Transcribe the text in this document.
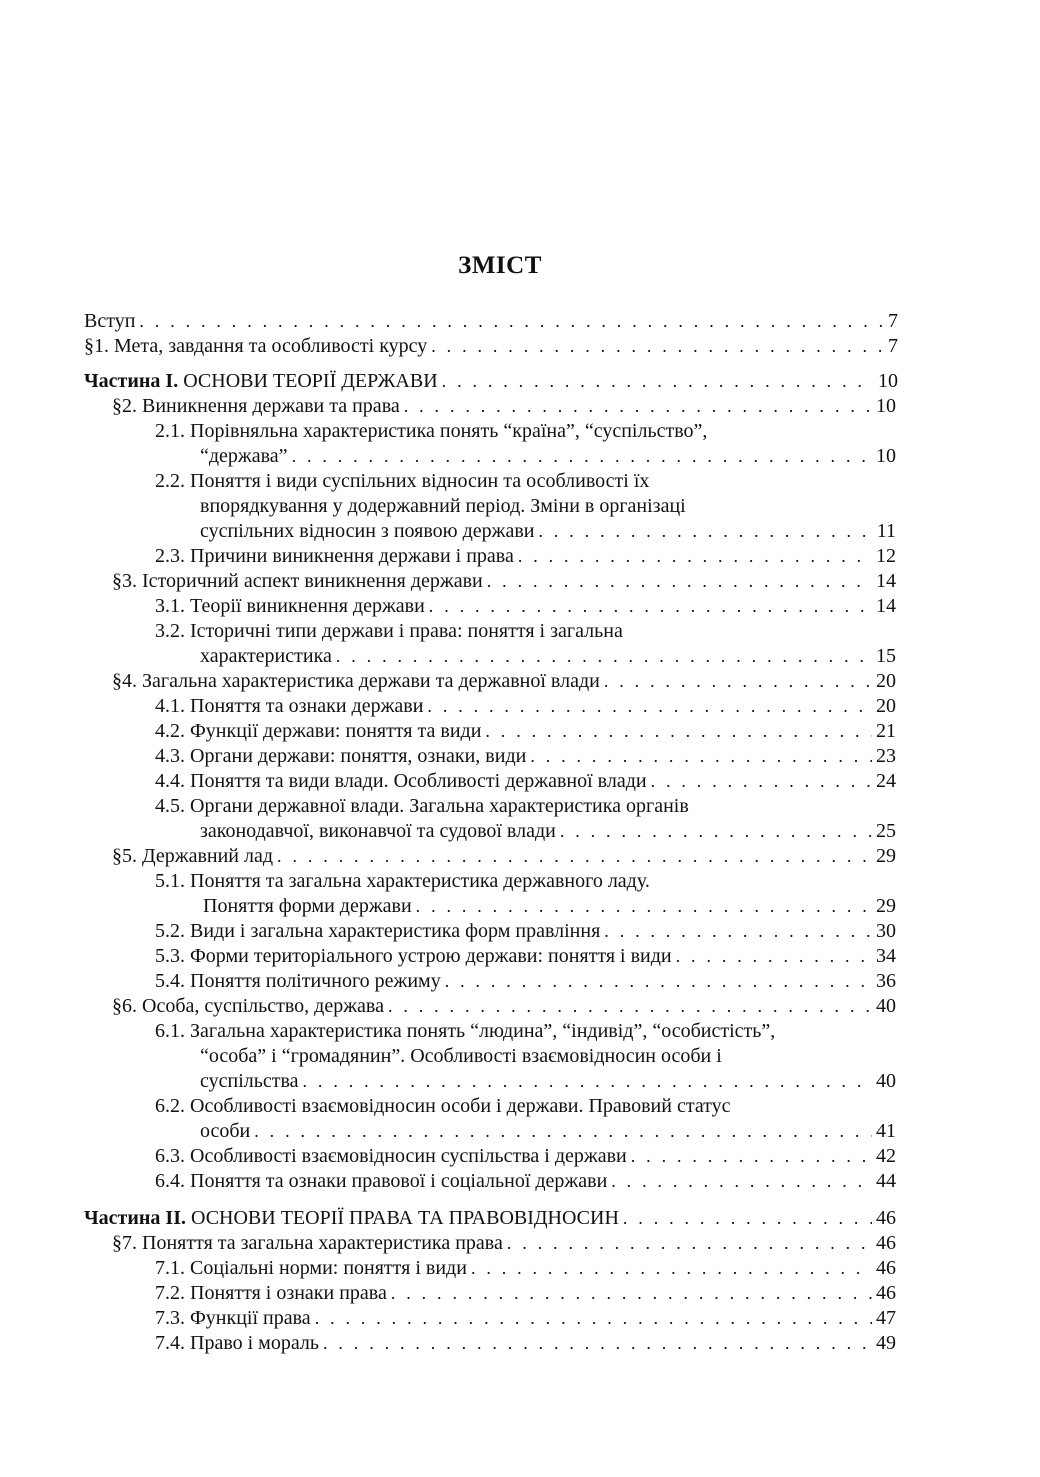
ЗМІСТ
Вступ . . .	7
§1. Мета, завдання та особливості курсу . . .	7
Частина І. ОСНОВИ ТЕОРІЇ ДЕРЖАВИ . . .	10
§2. Виникнення держави та права . . .	10
2.1. Порівняльна характеристика понять “країна”, “суспільство”,
“держава” . . .	10
2.2. Поняття і види суспільних відносин та особливості їх
впорядкування у додержавний період. Зміни в організаці
суспільних відносин з появою держави . . .	11
2.3. Причини виникнення держави і права . . .	12
§3. Історичний аспект виникнення держави . . .	14
3.1. Теорії виникнення держави . . .	14
3.2. Історичні типи держави і права: поняття і загальна
характеристика . . .	15
§4. Загальна характеристика держави та державної влади . . .	20
4.1. Поняття та ознаки держави . . .	20
4.2. Функції держави: поняття та види . . .	21
4.3. Органи держави: поняття, ознаки, види . . .	23
4.4. Поняття та види влади. Особливості державної влади . . .	24
4.5. Органи державної влади. Загальна характеристика органів
законодавчої, виконавчої та судової влади . . .	25
§5. Державний лад . . .	29
5.1. Поняття та загальна характеристика державного ладу.
Поняття форми держави . . .	29
5.2. Види і загальна характеристика форм правління . . .	30
5.3. Форми територіального устрою держави: поняття і види . . .	34
5.4. Поняття політичного режиму . . .	36
§6. Особа, суспільство, держава . . .	40
6.1. Загальна характеристика понять “людина”, “індивід”, “особистість”,
“особа” і “громадянин”. Особливості взаємовідносин особи і
суспільства . . .	40
6.2. Особливості взаємовідносин особи і держави. Правовий статус
особи . . .	41
6.3. Особливості взаємовідносин суспільства і держави . . .	42
6.4. Поняття та ознаки правової і соціальної держави . . .	44
Частина II. ОСНОВИ ТЕОРІЇ ПРАВА ТА ПРАВОВІДНОСИН . . .	46
§7. Поняття та загальна характеристика права . . .	46
7.1. Соціальні норми: поняття і види . . .	46
7.2. Поняття і ознаки права . . .	46
7.3. Функції права . . .	47
7.4. Право і мораль . . .	49
